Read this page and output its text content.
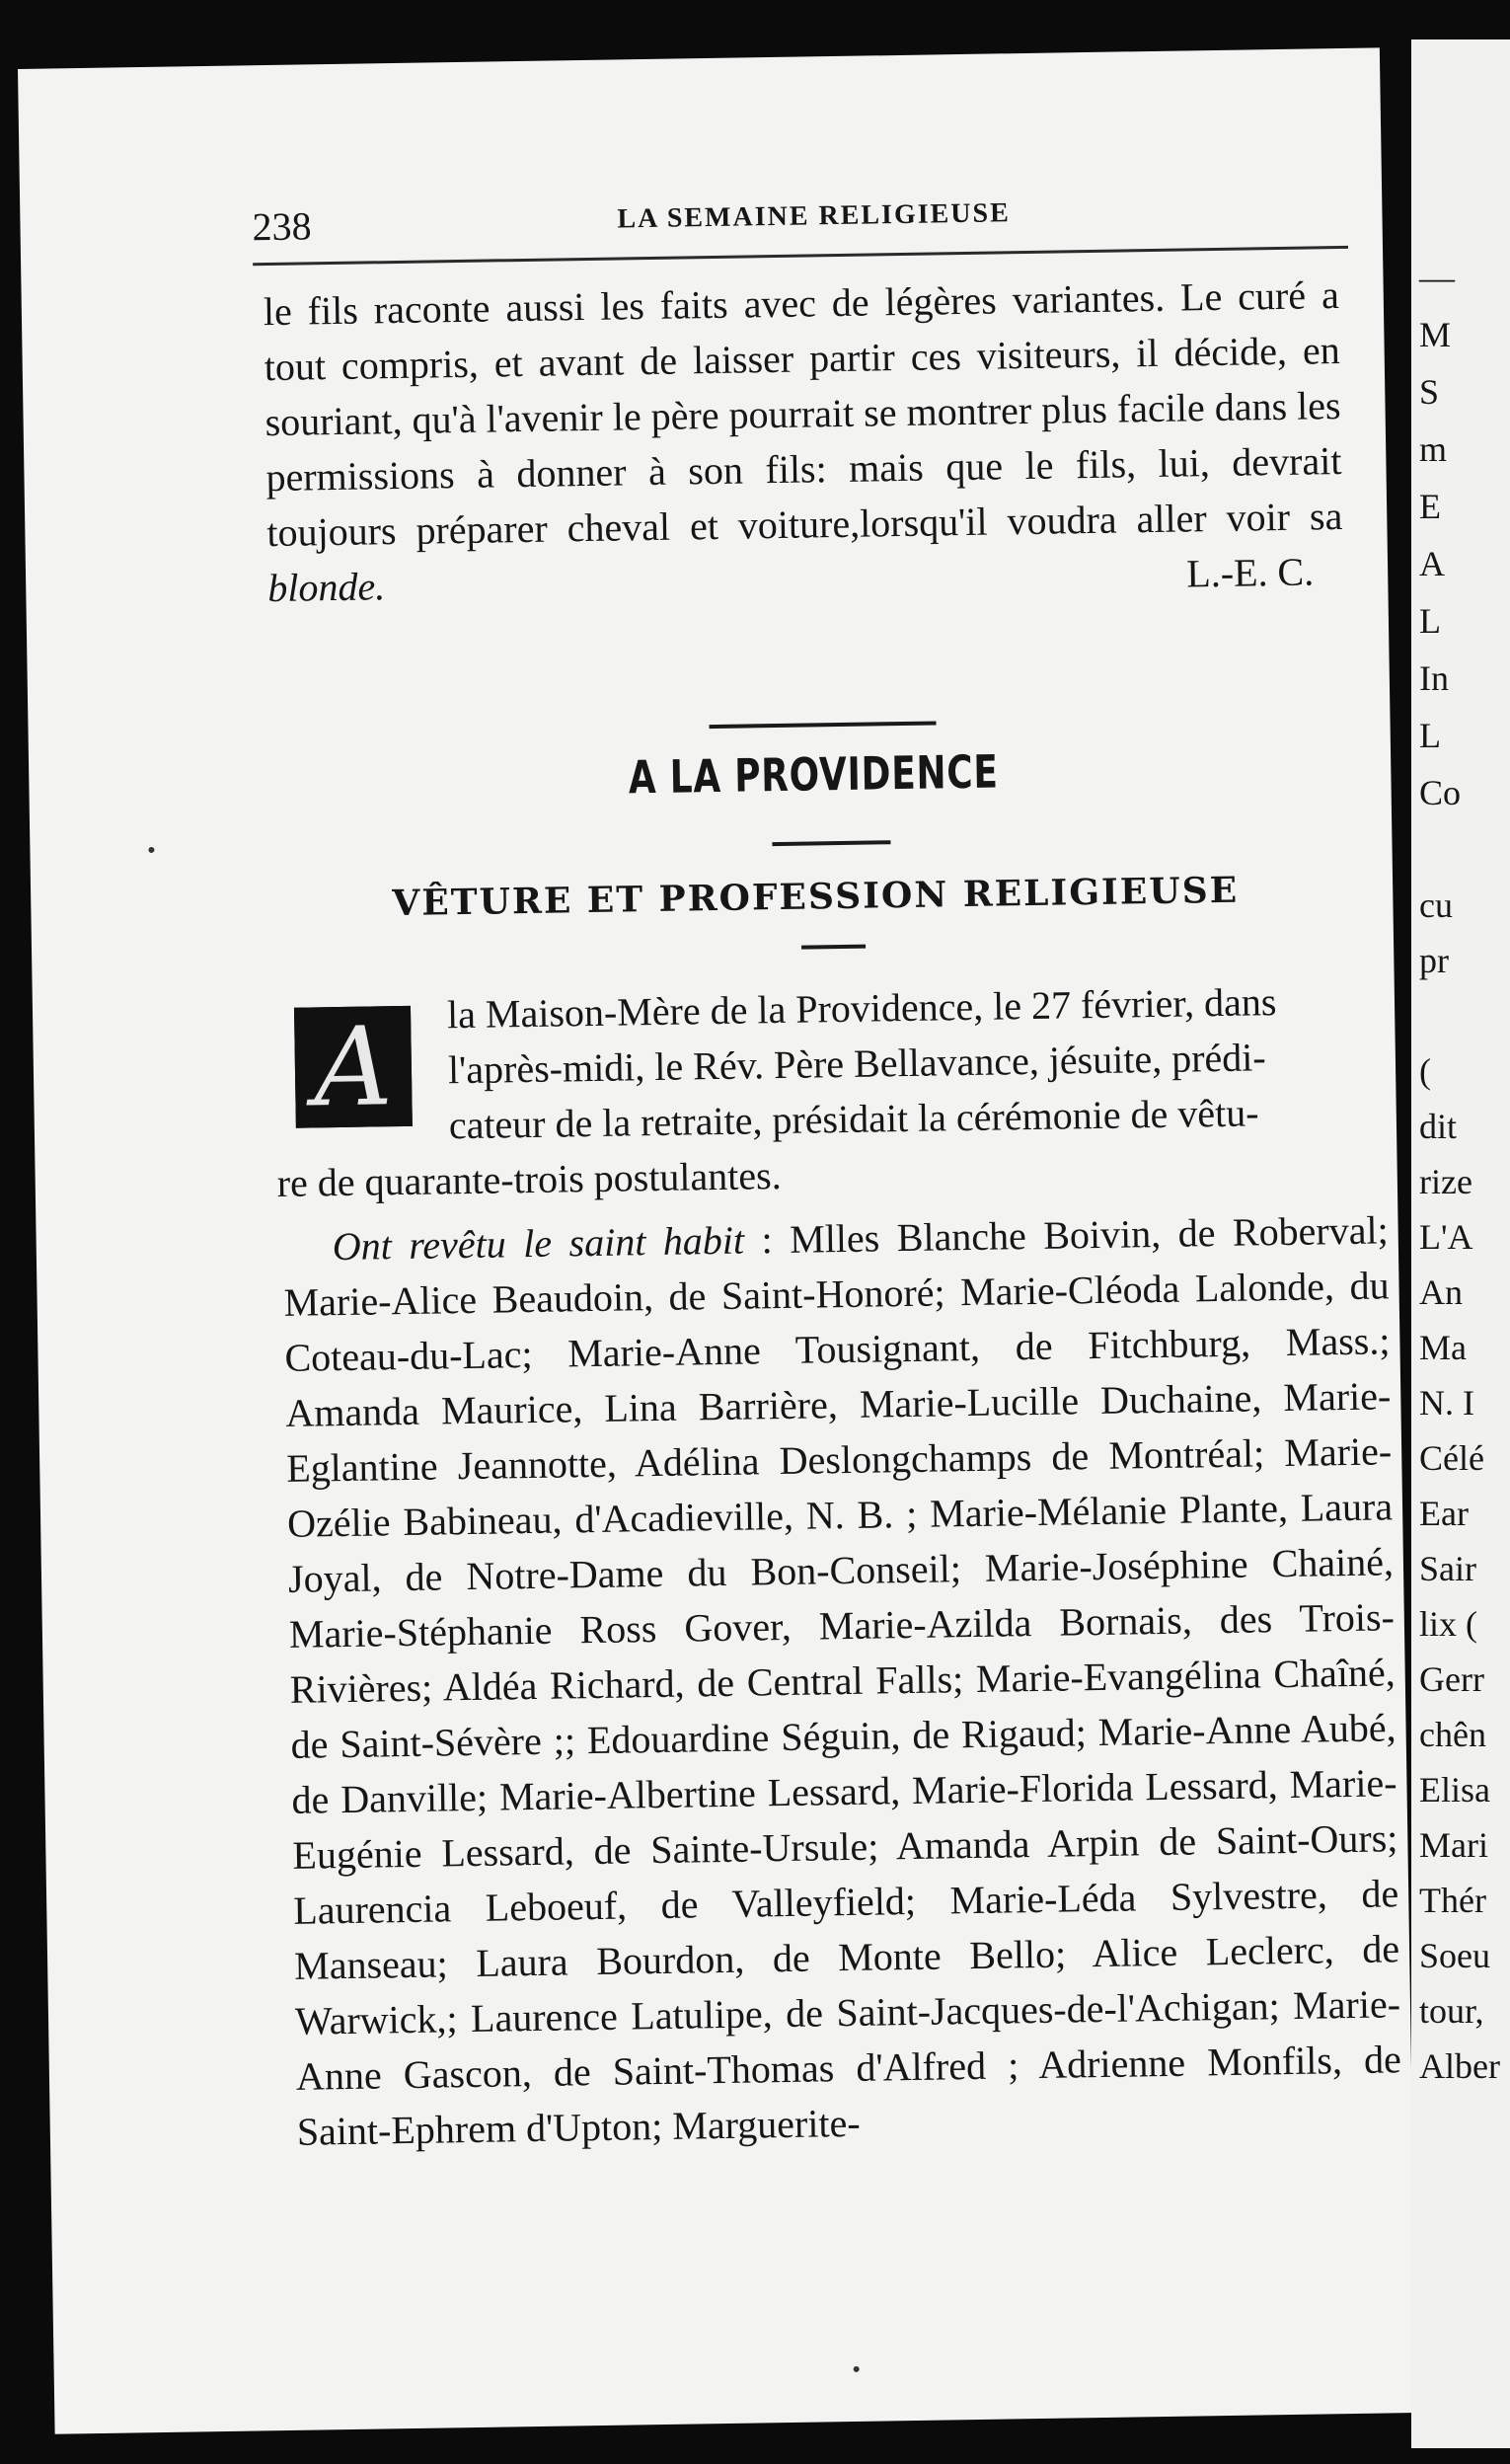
238	LA SEMAINE RELIGIEUSE

le fils raconte aussi les faits avec de légères variantes. Le curé a tout compris, et avant de laisser partir ces visiteurs, il décide, en souriant, qu'à l'avenir le père pourrait se montrer plus facile dans les permissions à donner à son fils: mais que le fils, lui, devrait toujours préparer cheval et voiture,lorsqu'il voudra aller voir sa blonde.	L.-E. C.

A LA PROVIDENCE
VÊTURE ET PROFESSION RELIGIEUSE
A	la Maison-Mère de la Providence, le 27 février, dans
l'après-midi, le Rév. Père Bellavance, jésuite, prédi-
cateur de la retraite, présidait la cérémonie de vêtu-
re de quarante-trois postulantes.

Ont revêtu le saint habit : Mlles Blanche Boivin, de Roberval; Marie-Alice Beaudoin, de Saint-Honoré; Marie-Cléoda Lalonde, du Coteau-du-Lac; Marie-Anne Tousignant, de Fitchburg, Mass.; Amanda Maurice, Lina Barrière, Marie-Lucille Duchaine, Marie-Eglantine Jeannotte, Adélina Deslongchamps de Montréal; Marie-Ozélie Babineau, d'Acadieville, N. B. ; Marie-Mélanie Plante, Laura Joyal, de Notre-Dame du Bon-Conseil; Marie-Joséphine Chainé, Marie-Stéphanie Ross Gover, Marie-Azilda Bornais, des Trois-Rivières; Aldéa Richard, de Central Falls; Marie-Evangélina Chaîné, de Saint-Sévère ;; Edouardine Séguin, de Rigaud; Marie-Anne Aubé, de Danville; Marie-Albertine Lessard, Marie-Florida Lessard, Marie-Eugénie Lessard, de Sainte-Ursule; Amanda Arpin de Saint-Ours; Laurencia Leboeuf, de Valleyfield; Marie-Léda Sylvestre, de Manseau; Laura Bourdon, de Monte Bello; Alice Leclerc, de Warwick,; Laurence Latulipe, de Saint-Jacques-de-l'Achigan; Marie-Anne Gascon, de Saint-Thomas d'Alfred ; Adrienne Monfils, de Saint-Ephrem d'Upton; Marguerite-

—
M
S
m
E
A
L
In
L
Co
cu
pr
(
dit
rize
L'A
An
Ma
N. I
Célé
Ear
Sair
lix (
Gerr
chên
Elisa
Mari
Thér
Soeu
tour,
Alber
